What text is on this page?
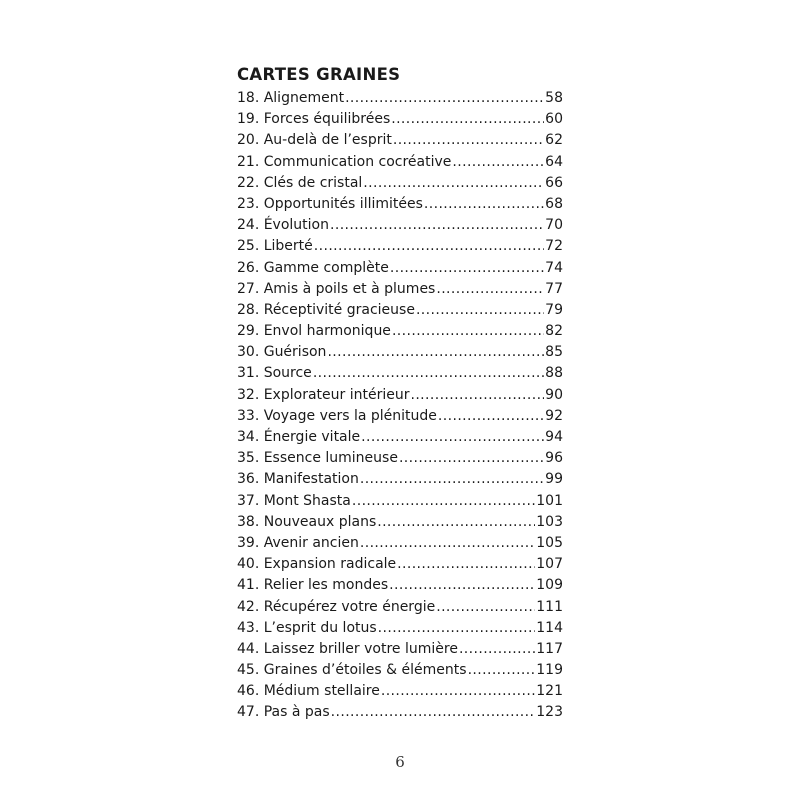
CARTES GRAINES
18. Alignement .....	58
19. Forces équilibrées .....	60
20. Au-delà de l’esprit .....	62
21. Communication cocréative .....	64
22. Clés de cristal .....	66
23. Opportunités illimitées .....	68
24. Évolution .....	70
25. Liberté .....	72
26. Gamme complète .....	74
27. Amis à poils et à plumes .....	77
28. Réceptivité gracieuse .....	79
29. Envol harmonique .....	82
30. Guérison .....	85
31. Source .....	88
32. Explorateur intérieur .....	90
33. Voyage vers la plénitude .....	92
34. Énergie vitale .....	94
35. Essence lumineuse .....	96
36. Manifestation .....	99
37. Mont Shasta .....	101
38. Nouveaux plans .....	103
39. Avenir ancien .....	105
40. Expansion radicale .....	107
41. Relier les mondes .....	109
42. Récupérez votre énergie .....	111
43. L’esprit du lotus .....	114
44. Laissez briller votre lumière .....	117
45. Graines d’étoiles & éléments .....	119
46. Médium stellaire .....	121
47. Pas à pas .....	123
6
